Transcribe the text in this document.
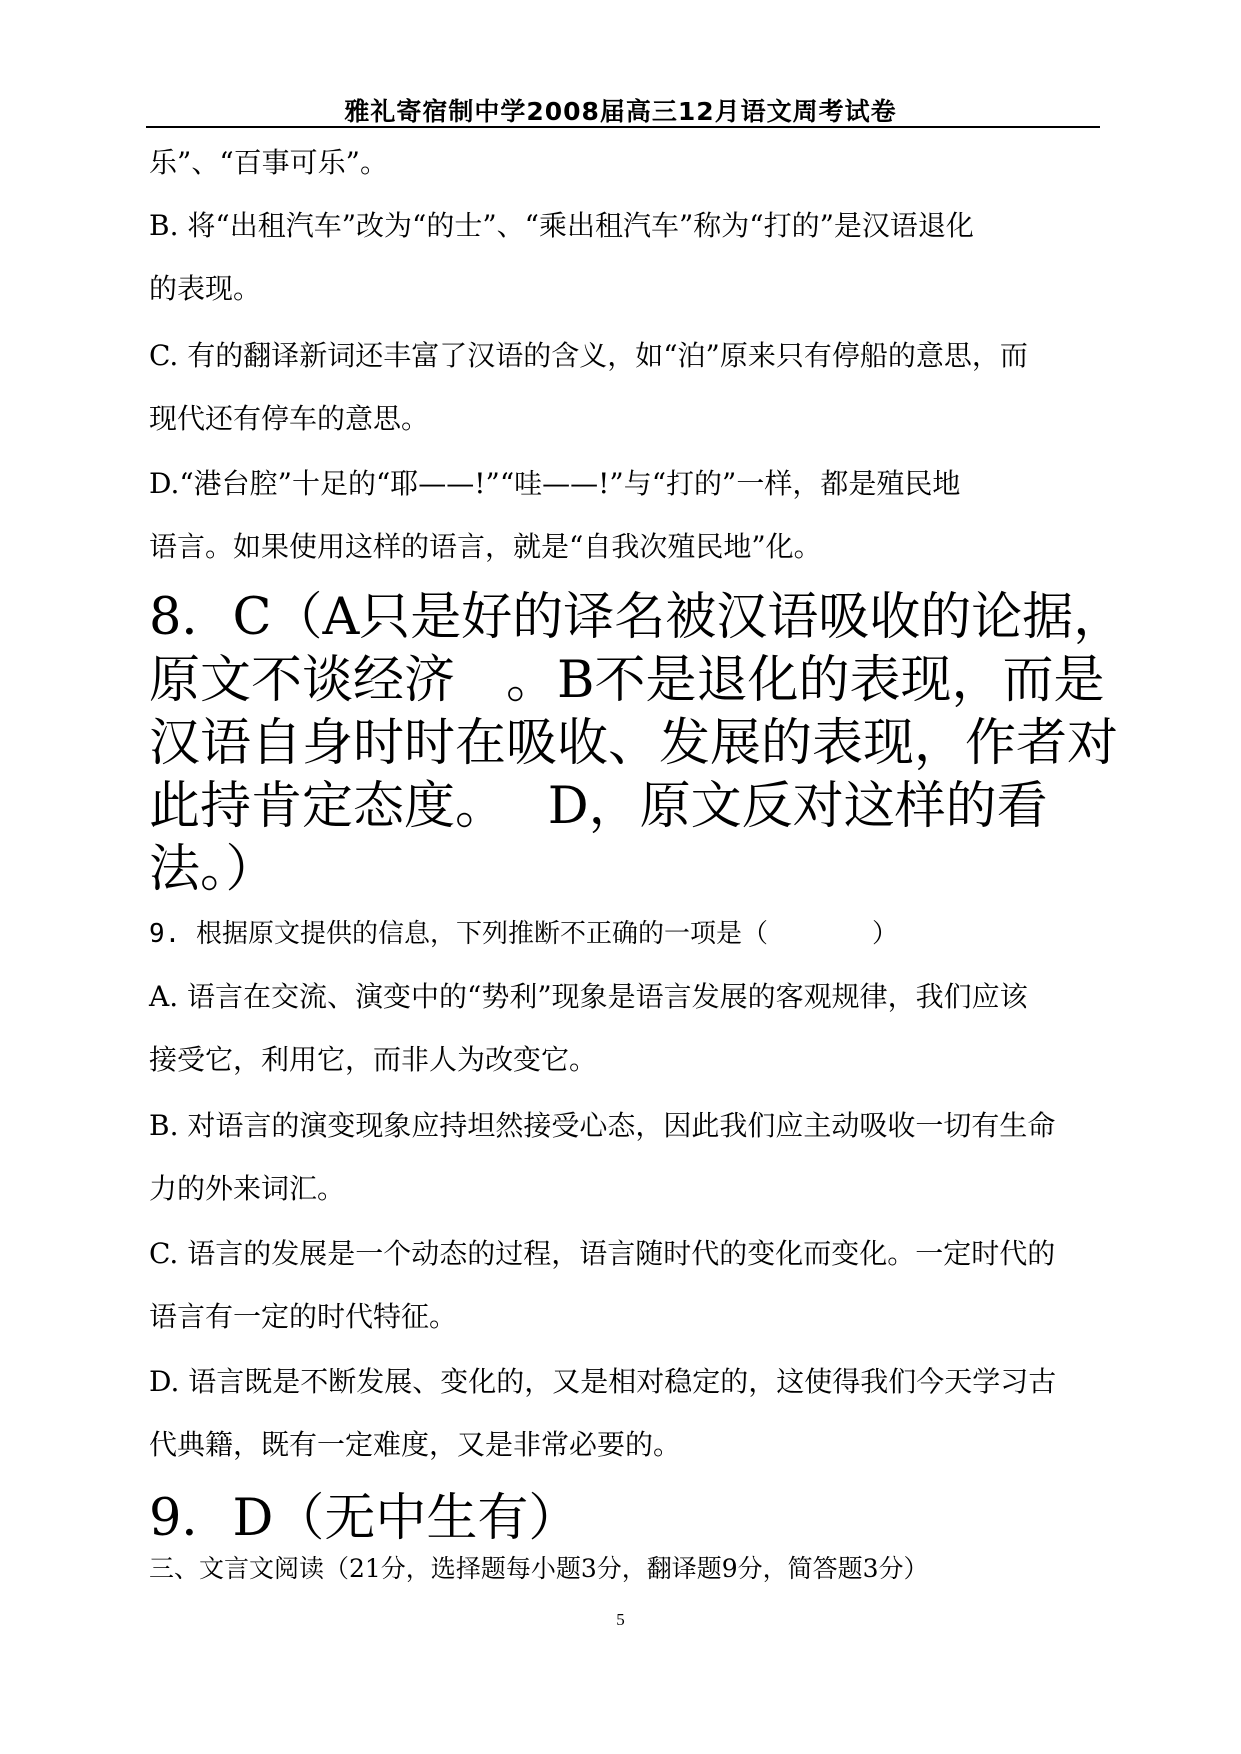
雅礼寄宿制中学2008届高三12月语文周考试卷
乐”、“百事可乐”。
B. 将“出租汽车”改为“的士”、“乘出租汽车”称为“打的”是汉语退化
的表现。
C. 有的翻译新词还丰富了汉语的含义，如“泊”原来只有停船的意思，而
现代还有停车的意思。
D.“港台腔”十足的“耶——!”“哇——!”与“打的”一样，都是殖民地
语言。如果使用这样的语言，就是“自我次殖民地”化。
8．C（A只是好的译名被汉语吸收的论据，
原文不谈经济　。B不是退化的表现，而是
汉语自身时时在吸收、发展的表现，作者对
此持肯定态度。　 D，原文反对这样的看
法。）
9. 根据原文提供的信息，下列推断不正确的一项是（　　　　）
A. 语言在交流、演变中的“势利”现象是语言发展的客观规律，我们应该
接受它，利用它，而非人为改变它。
B. 对语言的演变现象应持坦然接受心态，因此我们应主动吸收一切有生命
力的外来词汇。
C. 语言的发展是一个动态的过程，语言随时代的变化而变化。一定时代的
语言有一定的时代特征。
D. 语言既是不断发展、变化的，又是相对稳定的，这使得我们今天学习古
代典籍，既有一定难度，又是非常必要的。
9．D（无中生有）
三、文言文阅读（21分，选择题每小题3分，翻译题9分，简答题3分）
5
